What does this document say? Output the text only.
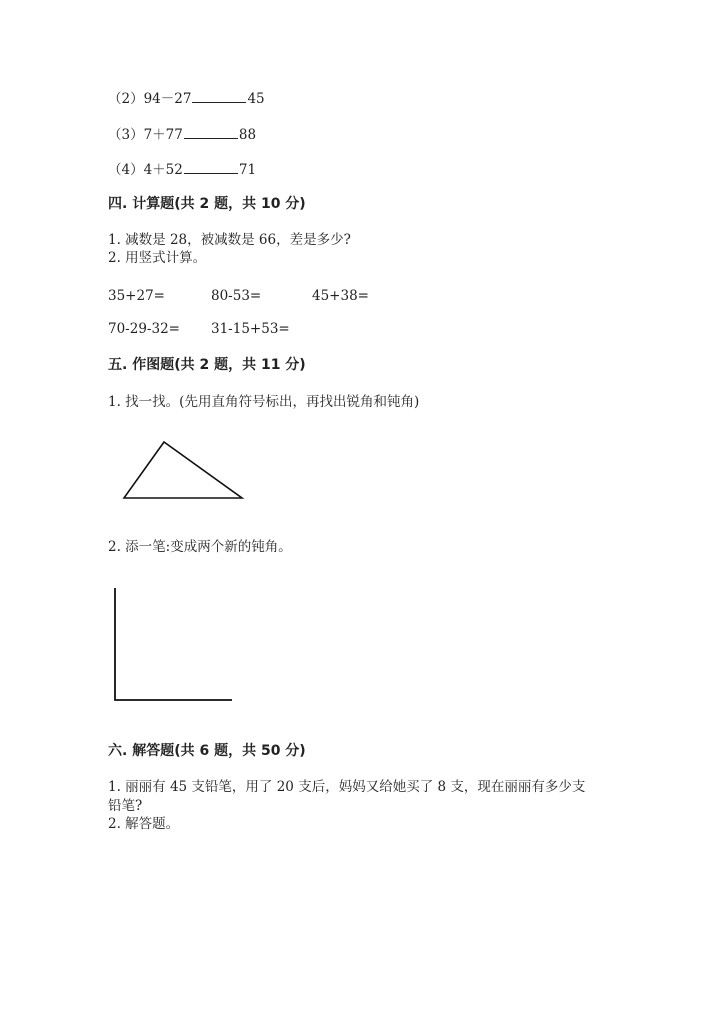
（2）94－27	45
（3）7＋77	88
（4）4＋52	71
四. 计算题(共 2 题，共 10 分)
1. 减数是 28，被减数是 66，差是多少?
2. 用竖式计算。
35+27=	80-53=	45+38=
70-29-32= 31-15+53=
五. 作图题(共 2 题，共 11 分)
1. 找一找。(先用直角符号标出，再找出锐角和钝角)
2. 添一笔:变成两个新的钝角。
六. 解答题(共 6 题，共 50 分)
1. 丽丽有 45 支铅笔，用了 20 支后，妈妈又给她买了 8 支，现在丽丽有多少支
铅笔?
2. 解答题。
